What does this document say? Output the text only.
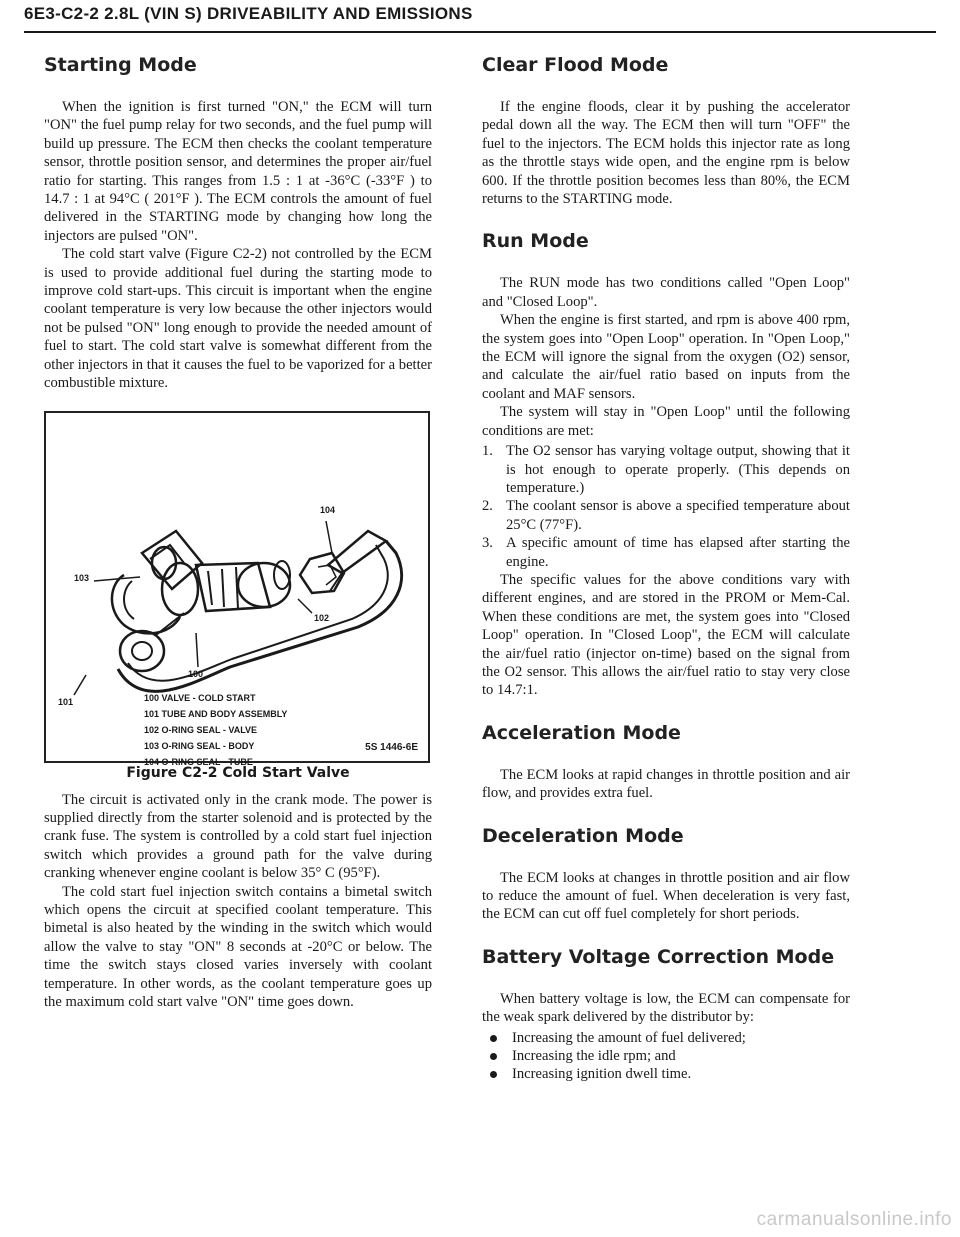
6E3-C2-2 2.8L (VIN S) DRIVEABILITY AND EMISSIONS
Starting Mode

When the ignition is first turned "ON," the ECM will turn "ON" the fuel pump relay for two seconds, and the fuel pump will build up pressure. The ECM then checks the coolant temperature sensor, throttle position sensor, and determines the proper air/fuel ratio for starting. This ranges from 1.5 : 1 at -36°C (-33°F ) to 14.7 : 1 at 94°C ( 201°F ). The ECM controls the amount of fuel delivered in the STARTING mode by changing how long the injectors are pulsed "ON".

The cold start valve (Figure C2-2) not controlled by the ECM is used to provide additional fuel during the starting mode to improve cold start-ups. This circuit is important when the engine coolant temperature is very low because the other injectors would not be pulsed "ON" long enough to provide the needed amount of fuel to start. The cold start valve is somewhat different from the other injectors in that it causes the fuel to be vaporized for a better combustible mixture.

104
102
103
100
101	100 VALVE - COLD START
101 TUBE AND BODY ASSEMBLY
102 O-RING SEAL - VALVE
103 O-RING SEAL - BODY
104 O-RING SEAL - TUBE
5S 1446-6E
Figure C2-2 Cold Start Valve

The circuit is activated only in the crank mode. The power is supplied directly from the starter solenoid and is protected by the crank fuse. The system is controlled by a cold start fuel injection switch which provides a ground path for the valve during cranking whenever engine coolant is below 35° C (95°F).

The cold start fuel injection switch contains a bimetal switch which opens the circuit at specified coolant temperature. This bimetal is also heated by the winding in the switch which would allow the valve to stay "ON" 8 seconds at -20°C or below. The time the switch stays closed varies inversely with coolant temperature. In other words, as the coolant temperature goes up the maximum cold start valve "ON" time goes down.

Clear Flood Mode

If the engine floods, clear it by pushing the accelerator pedal down all the way. The ECM then will turn "OFF" the fuel to the injectors. The ECM holds this injector rate as long as the throttle stays wide open, and the engine rpm is below 600. If the throttle position becomes less than 80%, the ECM returns to the STARTING mode.

Run Mode

The RUN mode has two conditions called "Open Loop" and "Closed Loop".

When the engine is first started, and rpm is above 400 rpm, the system goes into "Open Loop" operation. In "Open Loop," the ECM will ignore the signal from the oxygen (O2) sensor, and calculate the air/fuel ratio based on inputs from the coolant and MAF sensors.

The system will stay in "Open Loop" until the following conditions are met:

1. The O2 sensor has varying voltage output, showing that it is hot enough to operate properly. (This depends on temperature.)
2. The coolant sensor is above a specified temperature about 25°C (77°F).
3. A specific amount of time has elapsed after starting the engine.

The specific values for the above conditions vary with different engines, and are stored in the PROM or Mem-Cal. When these conditions are met, the system goes into "Closed Loop" operation. In "Closed Loop", the ECM will calculate the air/fuel ratio (injector on-time) based on the signal from the O2 sensor. This allows the air/fuel ratio to stay very close to 14.7:1.

Acceleration Mode

The ECM looks at rapid changes in throttle position and air flow, and provides extra fuel.

Deceleration Mode

The ECM looks at changes in throttle position and air flow to reduce the amount of fuel. When deceleration is very fast, the ECM can cut off fuel completely for short periods.

Battery Voltage Correction Mode

When battery voltage is low, the ECM can compensate for the weak spark delivered by the distributor by:

Increasing the amount of fuel delivered;
Increasing the idle rpm; and
Increasing ignition dwell time.
carmanualsonline.info
